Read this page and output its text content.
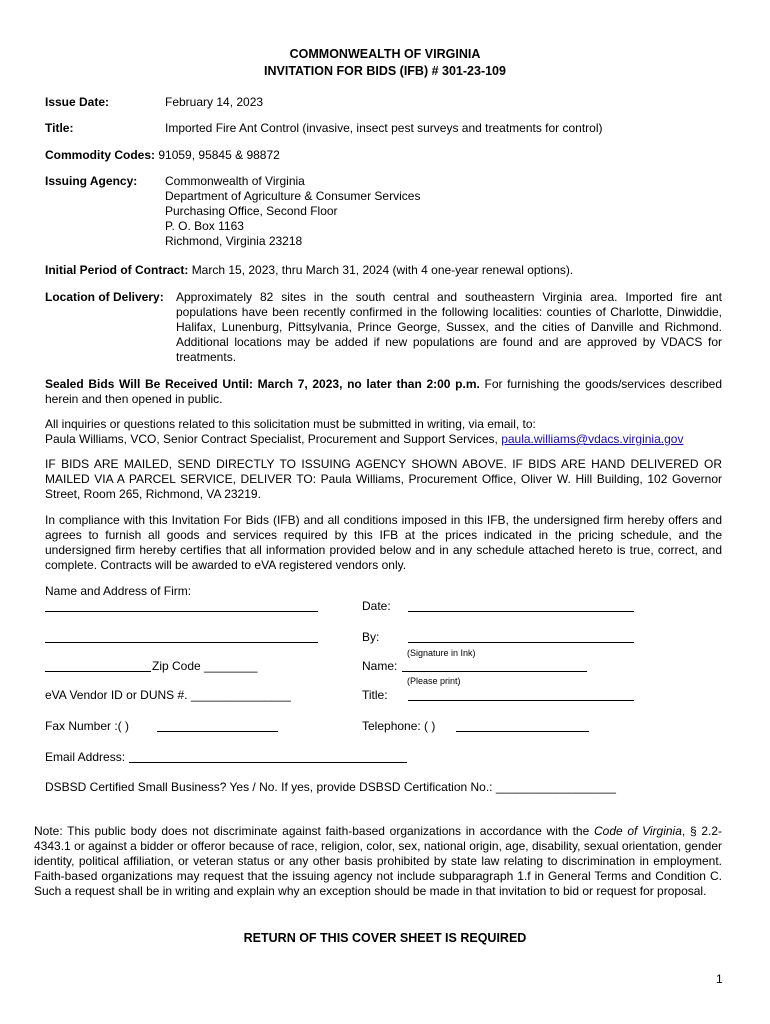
COMMONWEALTH OF VIRGINIA
INVITATION FOR BIDS (IFB) # 301-23-109
Issue Date:	February 14, 2023
Title:	Imported Fire Ant Control (invasive, insect pest surveys and treatments for control)
Commodity Codes: 91059, 95845 & 98872
Issuing Agency: Commonwealth of Virginia
Department of Agriculture & Consumer Services
Purchasing Office, Second Floor
P. O. Box 1163
Richmond, Virginia 23218
Initial Period of Contract: March 15, 2023, thru March 31, 2024 (with 4 one-year renewal options).
Location of Delivery: Approximately 82 sites in the south central and southeastern Virginia area. Imported fire ant populations have been recently confirmed in the following localities: counties of Charlotte, Dinwiddie, Halifax, Lunenburg, Pittsylvania, Prince George, Sussex, and the cities of Danville and Richmond. Additional locations may be added if new populations are found and are approved by VDACS for treatments.
Sealed Bids Will Be Received Until: March 7, 2023, no later than 2:00 p.m. For furnishing the goods/services described herein and then opened in public.
All inquiries or questions related to this solicitation must be submitted in writing, via email, to:
Paula Williams, VCO, Senior Contract Specialist, Procurement and Support Services, paula.williams@vdacs.virginia.gov
IF BIDS ARE MAILED, SEND DIRECTLY TO ISSUING AGENCY SHOWN ABOVE. IF BIDS ARE HAND DELIVERED OR MAILED VIA A PARCEL SERVICE, DELIVER TO: Paula Williams, Procurement Office, Oliver W. Hill Building, 102 Governor Street, Room 265, Richmond, VA 23219.
In compliance with this Invitation For Bids (IFB) and all conditions imposed in this IFB, the undersigned firm hereby offers and agrees to furnish all goods and services required by this IFB at the prices indicated in the pricing schedule, and the undersigned firm hereby certifies that all information provided below and in any schedule attached hereto is true, correct, and complete. Contracts will be awarded to eVA registered vendors only.
Name and Address of Firm:
Date:
By:
(Signature in Ink)
Zip Code ________	Name:
(Please print)
eVA Vendor ID or DUNS #. _______________	Title:
Fax Number :( )	Telephone: ( )
Email Address:
DSBSD Certified Small Business? Yes / No. If yes, provide DSBSD Certification No.: __________________
Note: This public body does not discriminate against faith-based organizations in accordance with the Code of Virginia, § 2.2-4343.1 or against a bidder or offeror because of race, religion, color, sex, national origin, age, disability, sexual orientation, gender identity, political affiliation, or veteran status or any other basis prohibited by state law relating to discrimination in employment. Faith-based organizations may request that the issuing agency not include subparagraph 1.f in General Terms and Condition C. Such a request shall be in writing and explain why an exception should be made in that invitation to bid or request for proposal.
RETURN OF THIS COVER SHEET IS REQUIRED
1
